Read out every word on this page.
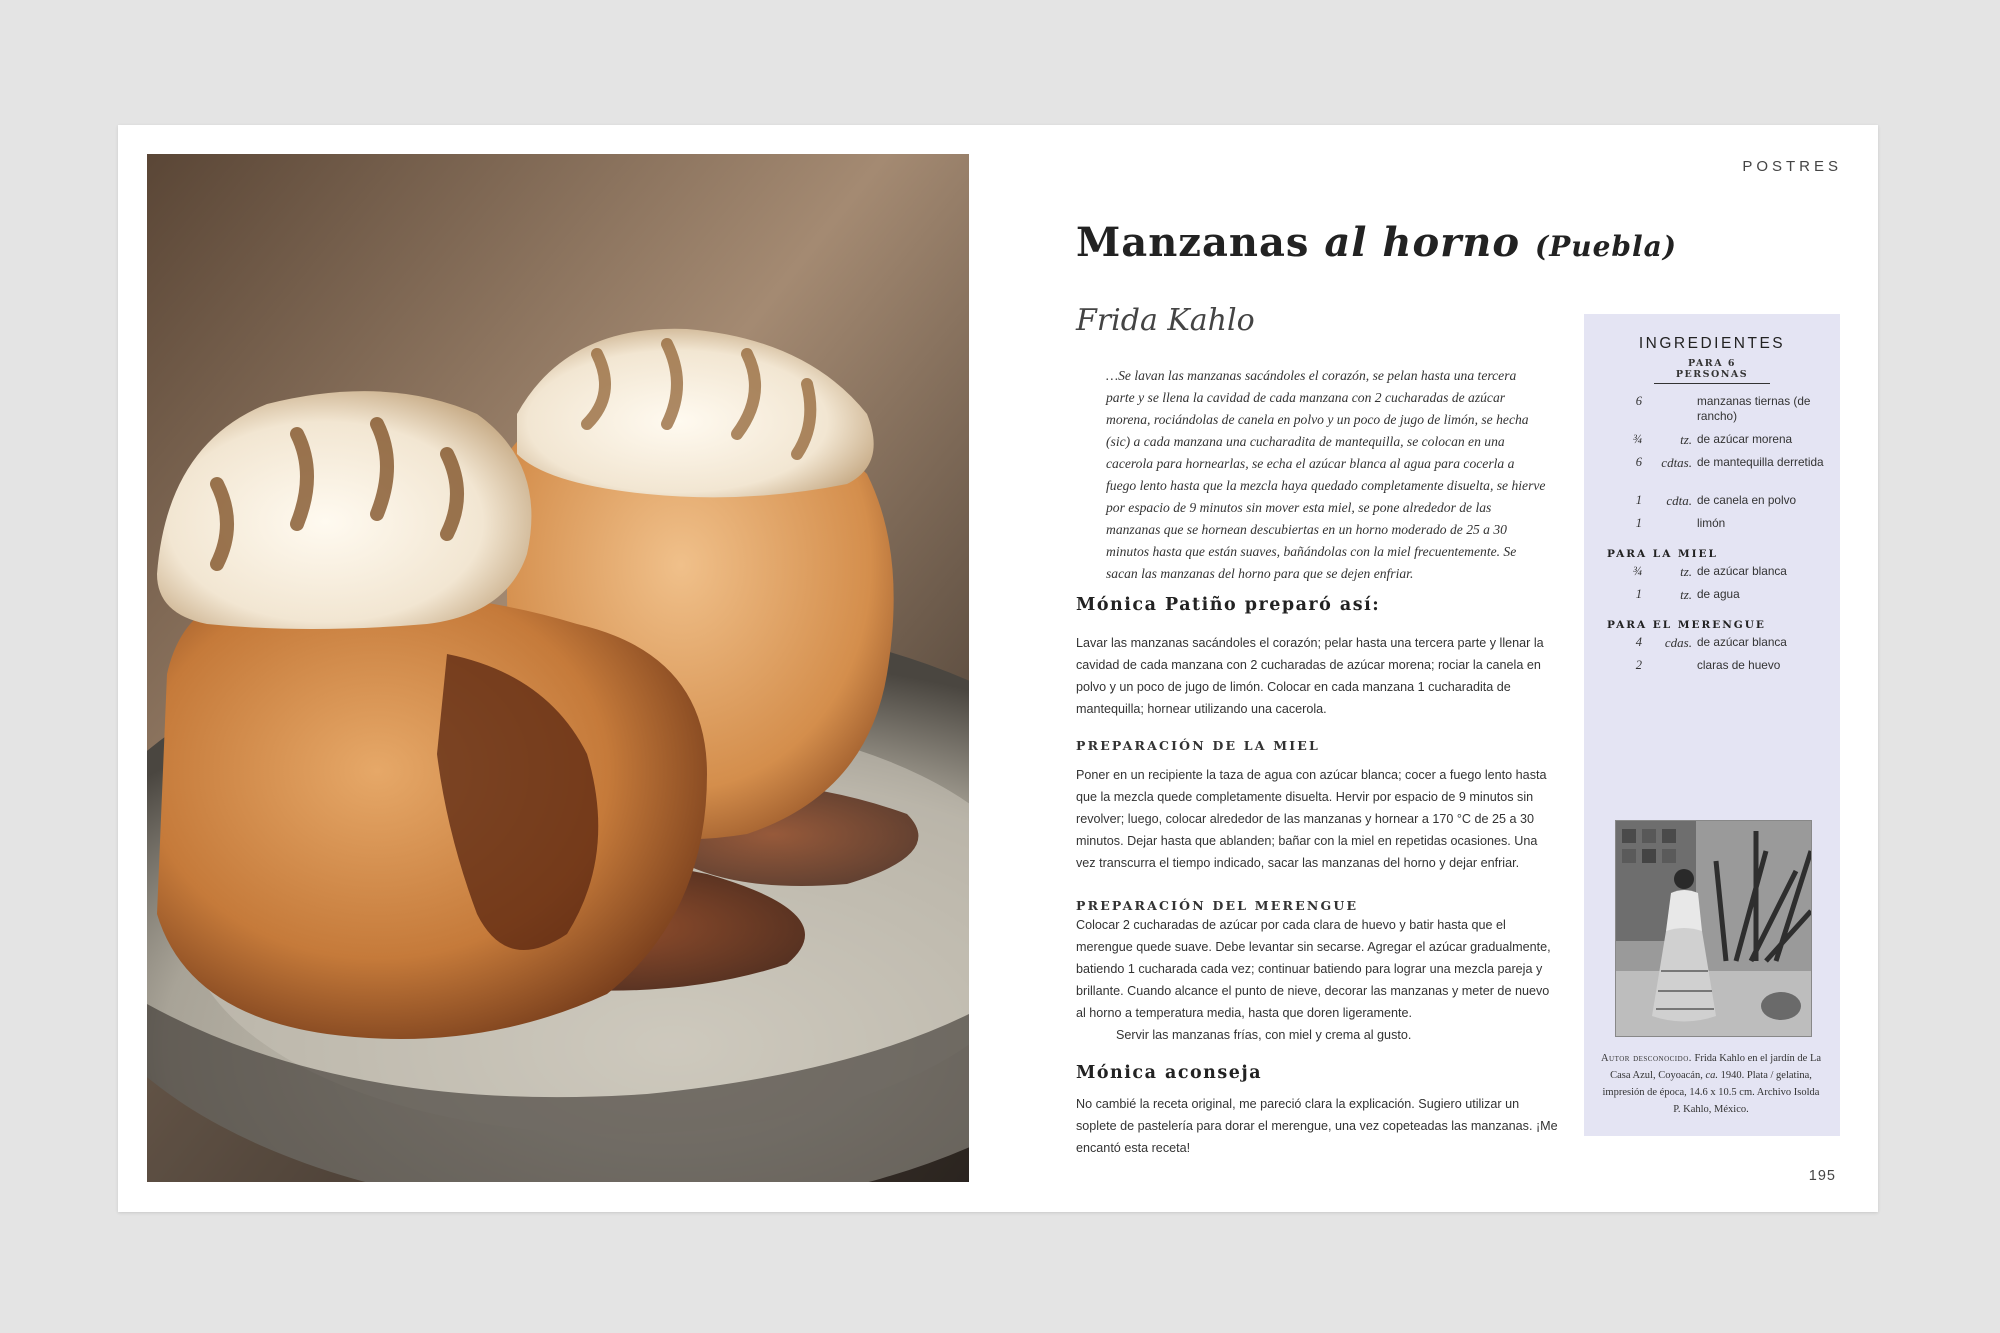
POSTRES
Manzanas al horno (Puebla)
Frida Kahlo

…Se lavan las manzanas sacándoles el corazón, se pelan hasta una tercera parte y se llena la cavidad de cada manzana con 2 cucharadas de azúcar morena, rociándolas de canela en polvo y un poco de jugo de limón, se hecha (sic) a cada manzana una cucharadita de mantequilla, se colocan en una cacerola para hornearlas, se echa el azúcar blanca al agua para cocerla a fuego lento hasta que la mezcla haya quedado completamente disuelta, se hierve por espacio de 9 minutos sin mover esta miel, se pone alrededor de las manzanas que se hornean descubiertas en un horno moderado de 25 a 30 minutos hasta que están suaves, bañándolas con la miel frecuentemente. Se sacan las manzanas del horno para que se dejen enfriar.

Mónica Patiño preparó así:

Lavar las manzanas sacándoles el corazón; pelar hasta una tercera parte y llenar la cavidad de cada manzana con 2 cucharadas de azúcar morena; rociar la canela en polvo y un poco de jugo de limón. Colocar en cada manzana 1 cucharadita de mantequilla; hornear utilizando una cacerola.

PREPARACIÓN DE LA MIEL

Poner en un recipiente la taza de agua con azúcar blanca; cocer a fuego lento hasta que la mezcla quede completamente disuelta. Hervir por espacio de 9 minutos sin revolver; luego, colocar alrededor de las manzanas y hornear a 170 °C de 25 a 30 minutos. Dejar hasta que ablanden; bañar con la miel en repetidas ocasiones. Una vez transcurra el tiempo indicado, sacar las manzanas del horno y dejar enfriar.

PREPARACIÓN DEL MERENGUE

Colocar 2 cucharadas de azúcar por cada clara de huevo y batir hasta que el merengue quede suave. Debe levantar sin secarse. Agregar el azúcar gradualmente, batiendo 1 cucharada cada vez; continuar batiendo para lograr una mezcla pareja y brillante. Cuando alcance el punto de nieve, decorar las manzanas y meter de nuevo al horno a temperatura media, hasta que doren ligeramente.

Servir las manzanas frías, con miel y crema al gusto.

Mónica aconseja

No cambié la receta original, me pareció clara la explicación. Sugiero utilizar un soplete de pastelería para dorar el merengue, una vez copeteadas las manzanas. ¡Me encantó esta receta!

INGREDIENTES
PARA 6 PERSONAS
6	manzanas tiernas (de rancho)
¾	tz. de azúcar morena
6	cdtas. de mantequilla derretida
1	cdta. de canela en polvo
1	limón
PARA LA MIEL
¾	tz. de azúcar blanca
1	tz. de agua
PARA EL MERENGUE
4	cdas. de azúcar blanca
2	claras de huevo

Autor desconocido. Frida Kahlo en el jardín de La Casa Azul, Coyoacán, ca. 1940. Plata / gelatina, impresión de época, 14.6 x 10.5 cm. Archivo Isolda P. Kahlo, México.

195
